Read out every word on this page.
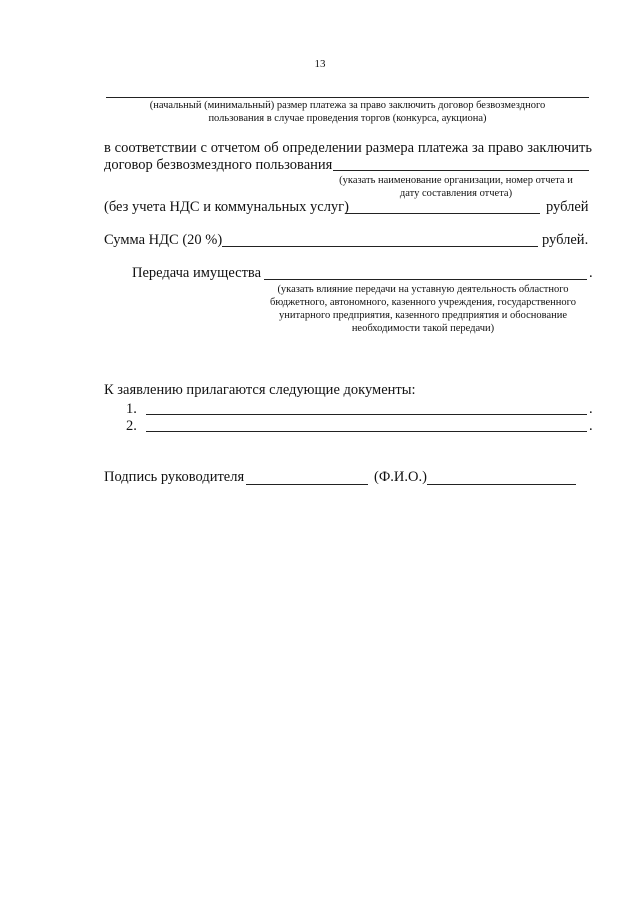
13
(начальный (минимальный) размер платежа за право заключить договор безвозмездного
пользования в случае проведения торгов (конкурса, аукциона)
в соответствии с отчетом об определении размера платежа за право заключить
договор безвозмездного пользования
(указать наименование организации, номер отчета и
дату составления отчета)
(без учета НДС и коммунальных услуг)	рублей
Сумма НДС (20 %)	рублей.
Передача имущества	.
(указать влияние передачи на уставную деятельность областного
бюджетного, автономного, казенного учреждения, государственного
унитарного предприятия, казенного предприятия и обоснование
необходимости такой передачи)
К заявлению прилагаются следующие документы:
1.	.
2.	.
Подпись руководителя	(Ф.И.О.)
